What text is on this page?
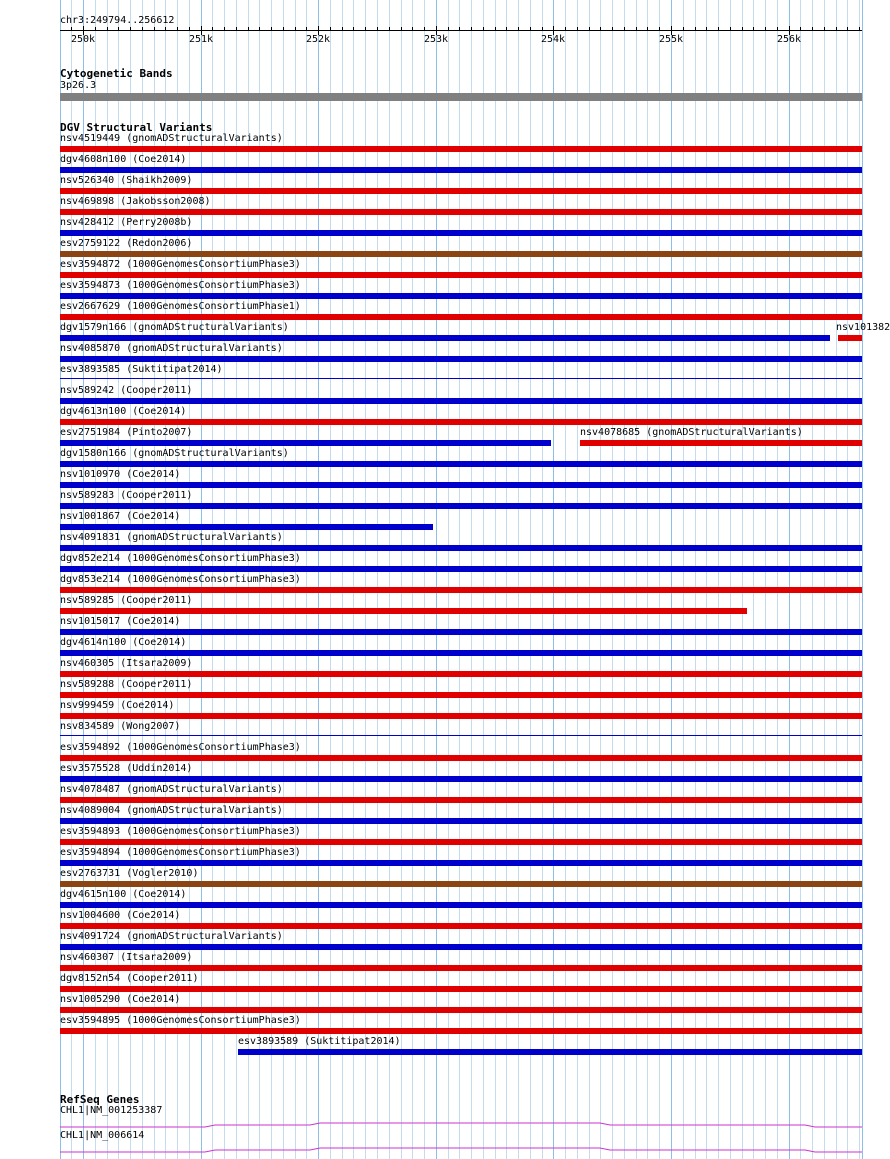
chr3:249794..256612
250k	251k	252k	253k	254k	255k	256k
Cytogenetic Bands
3p26.3
DGV Structural Variants
nsv4519449 (gnomADStructuralVariants)
dgv4608n100 (Coe2014)
nsv526340 (Shaikh2009)
nsv469898 (Jakobsson2008)
nsv428412 (Perry2008b)
esv2759122 (Redon2006)
esv3594872 (1000GenomesConsortiumPhase3)
esv3594873 (1000GenomesConsortiumPhase3)
esv2667629 (1000GenomesConsortiumPhase1)
dgv1579n166 (gnomADStructuralVariants)
nsv4085870 (gnomADStructuralVariants)
esv3893585 (Suktitipat2014)
nsv589242 (Cooper2011)
dgv4613n100 (Coe2014)
esv2751984 (Pinto2007)
dgv1580n166 (gnomADStructuralVariants)
nsv1010970 (Coe2014)
nsv589283 (Cooper2011)
nsv1001867 (Coe2014)
nsv4091831 (gnomADStructuralVariants)
dgv852e214 (1000GenomesConsortiumPhase3)
dgv853e214 (1000GenomesConsortiumPhase3)
nsv589285 (Cooper2011)
nsv1015017 (Coe2014)
dgv4614n100 (Coe2014)
nsv460305 (Itsara2009)
nsv589288 (Cooper2011)
nsv999459 (Coe2014)
nsv834589 (Wong2007)
esv3594892 (1000GenomesConsortiumPhase3)
esv3575528 (Uddin2014)
nsv4078487 (gnomADStructuralVariants)
nsv4089004 (gnomADStructuralVariants)
esv3594893 (1000GenomesConsortiumPhase3)
esv3594894 (1000GenomesConsortiumPhase3)
esv2763731 (Vogler2010)
dgv4615n100 (Coe2014)
nsv1004600 (Coe2014)
nsv4091724 (gnomADStructuralVariants)
nsv460307 (Itsara2009)
dgv8152n54 (Cooper2011)
nsv1005290 (Coe2014)
esv3594895 (1000GenomesConsortiumPhase3)
esv3893589 (Suktitipat2014)
nsv101382
nsv4078685 (gnomADStructuralVariants)
RefSeq Genes
CHL1|NM_001253387
CHL1|NM_006614
